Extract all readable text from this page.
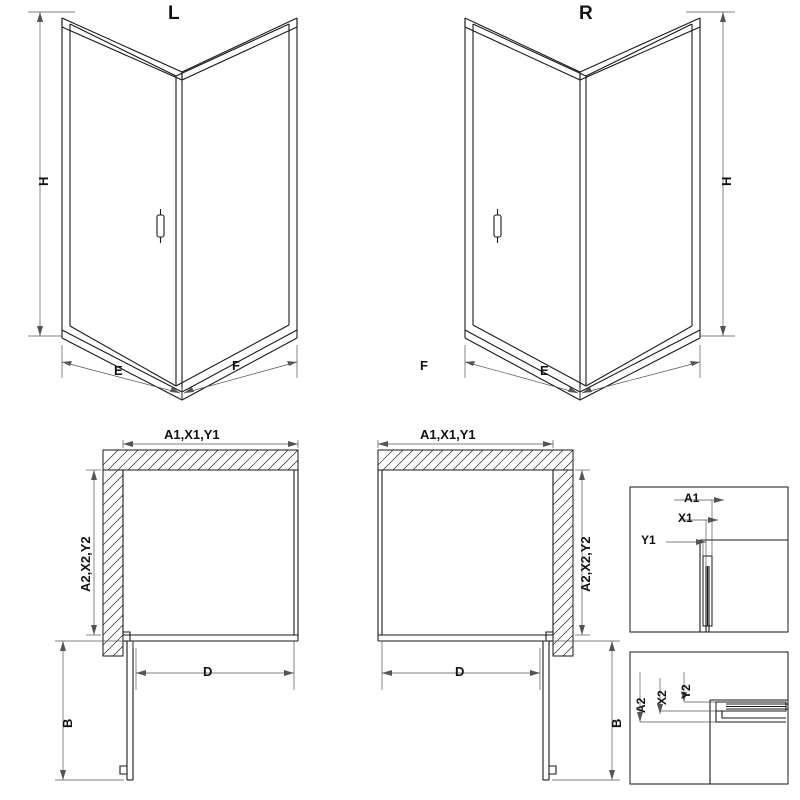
L	R
H	H
E	F	F	E
A1,X1,Y1	A1,X1,Y1
A2,X2,Y2	A2,X2,Y2
D	D
B	B
A1
X1
Y1
A2 X2 Y2
